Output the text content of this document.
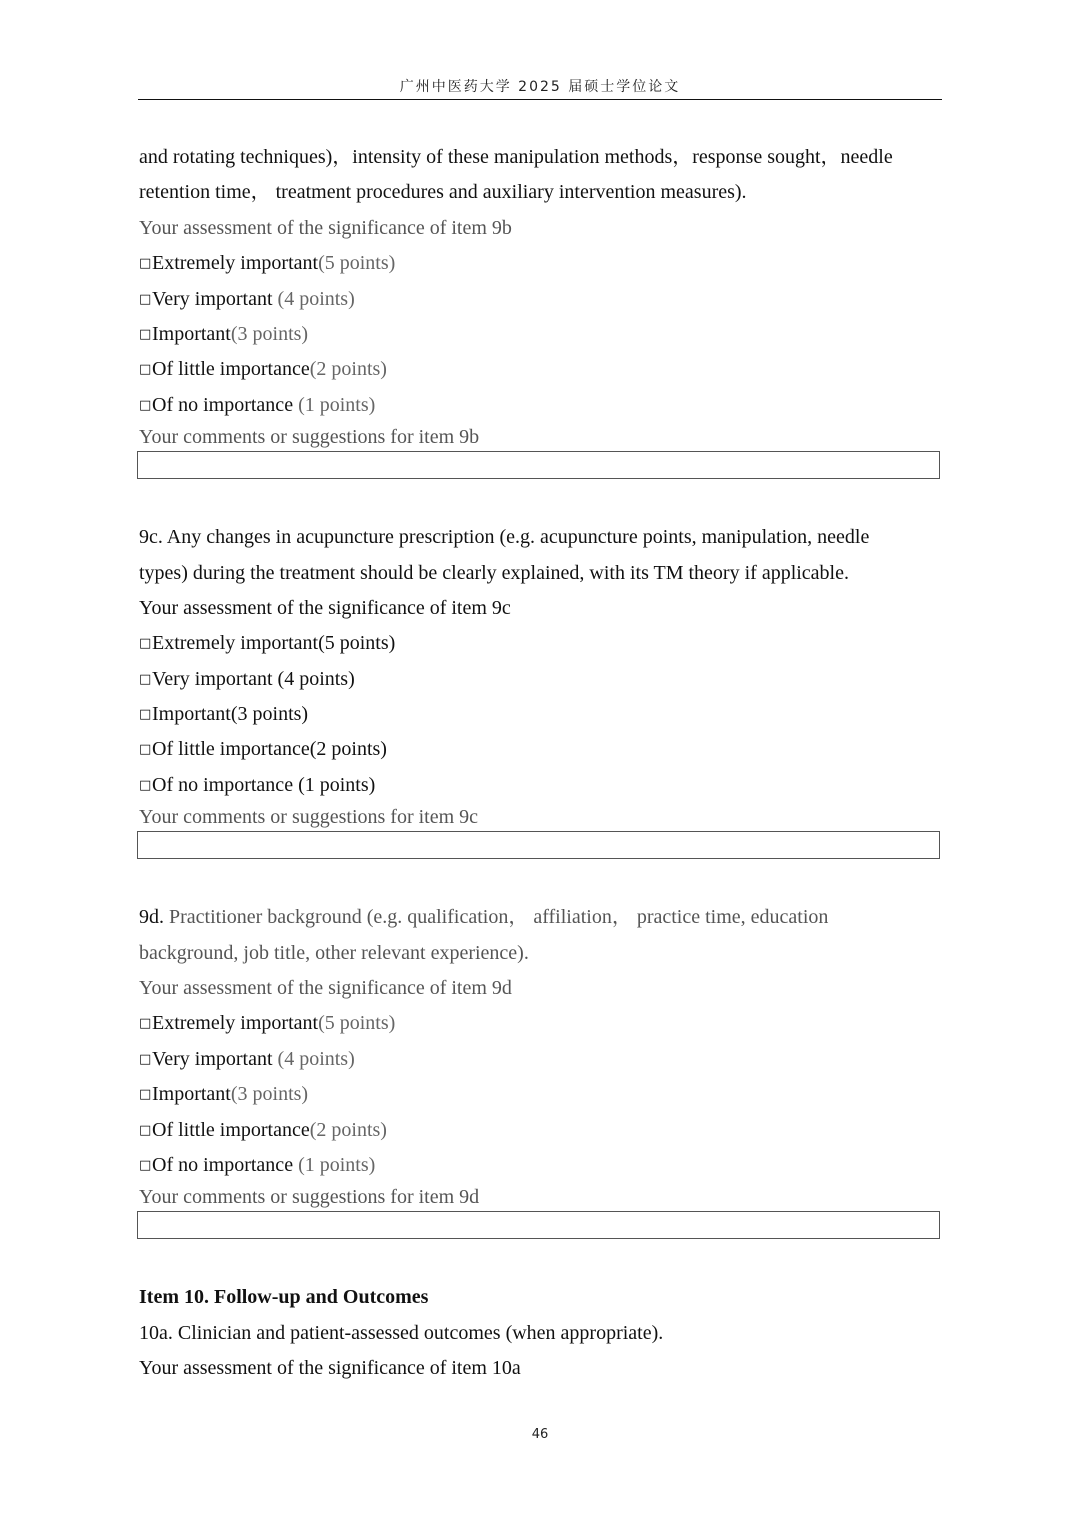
广州中医药大学 2025 届硕士学位论文
and rotating techniques)，intensity of these manipulation methods，response sought，needle
retention time， treatment procedures and auxiliary intervention measures).
Your assessment of the significance of item 9b
□Extremely important(5 points)
□Very important (4 points)
□Important(3 points)
□Of little importance(2 points)
□Of no importance (1 points)
Your comments or suggestions for item 9b
9c. Any changes in acupuncture prescription (e.g. acupuncture points, manipulation, needle
types) during the treatment should be clearly explained, with its TM theory if applicable.
Your assessment of the significance of item 9c
□Extremely important(5 points)
□Very important (4 points)
□Important(3 points)
□Of little importance(2 points)
□Of no importance (1 points)
Your comments or suggestions for item 9c
9d. Practitioner background (e.g. qualification， affiliation， practice time, education
background, job title, other relevant experience).
Your assessment of the significance of item 9d
□Extremely important(5 points)
□Very important (4 points)
□Important(3 points)
□Of little importance(2 points)
□Of no importance (1 points)
Your comments or suggestions for item 9d
Item 10. Follow-up and Outcomes
10a. Clinician and patient-assessed outcomes (when appropriate).
Your assessment of the significance of item 10a
46
